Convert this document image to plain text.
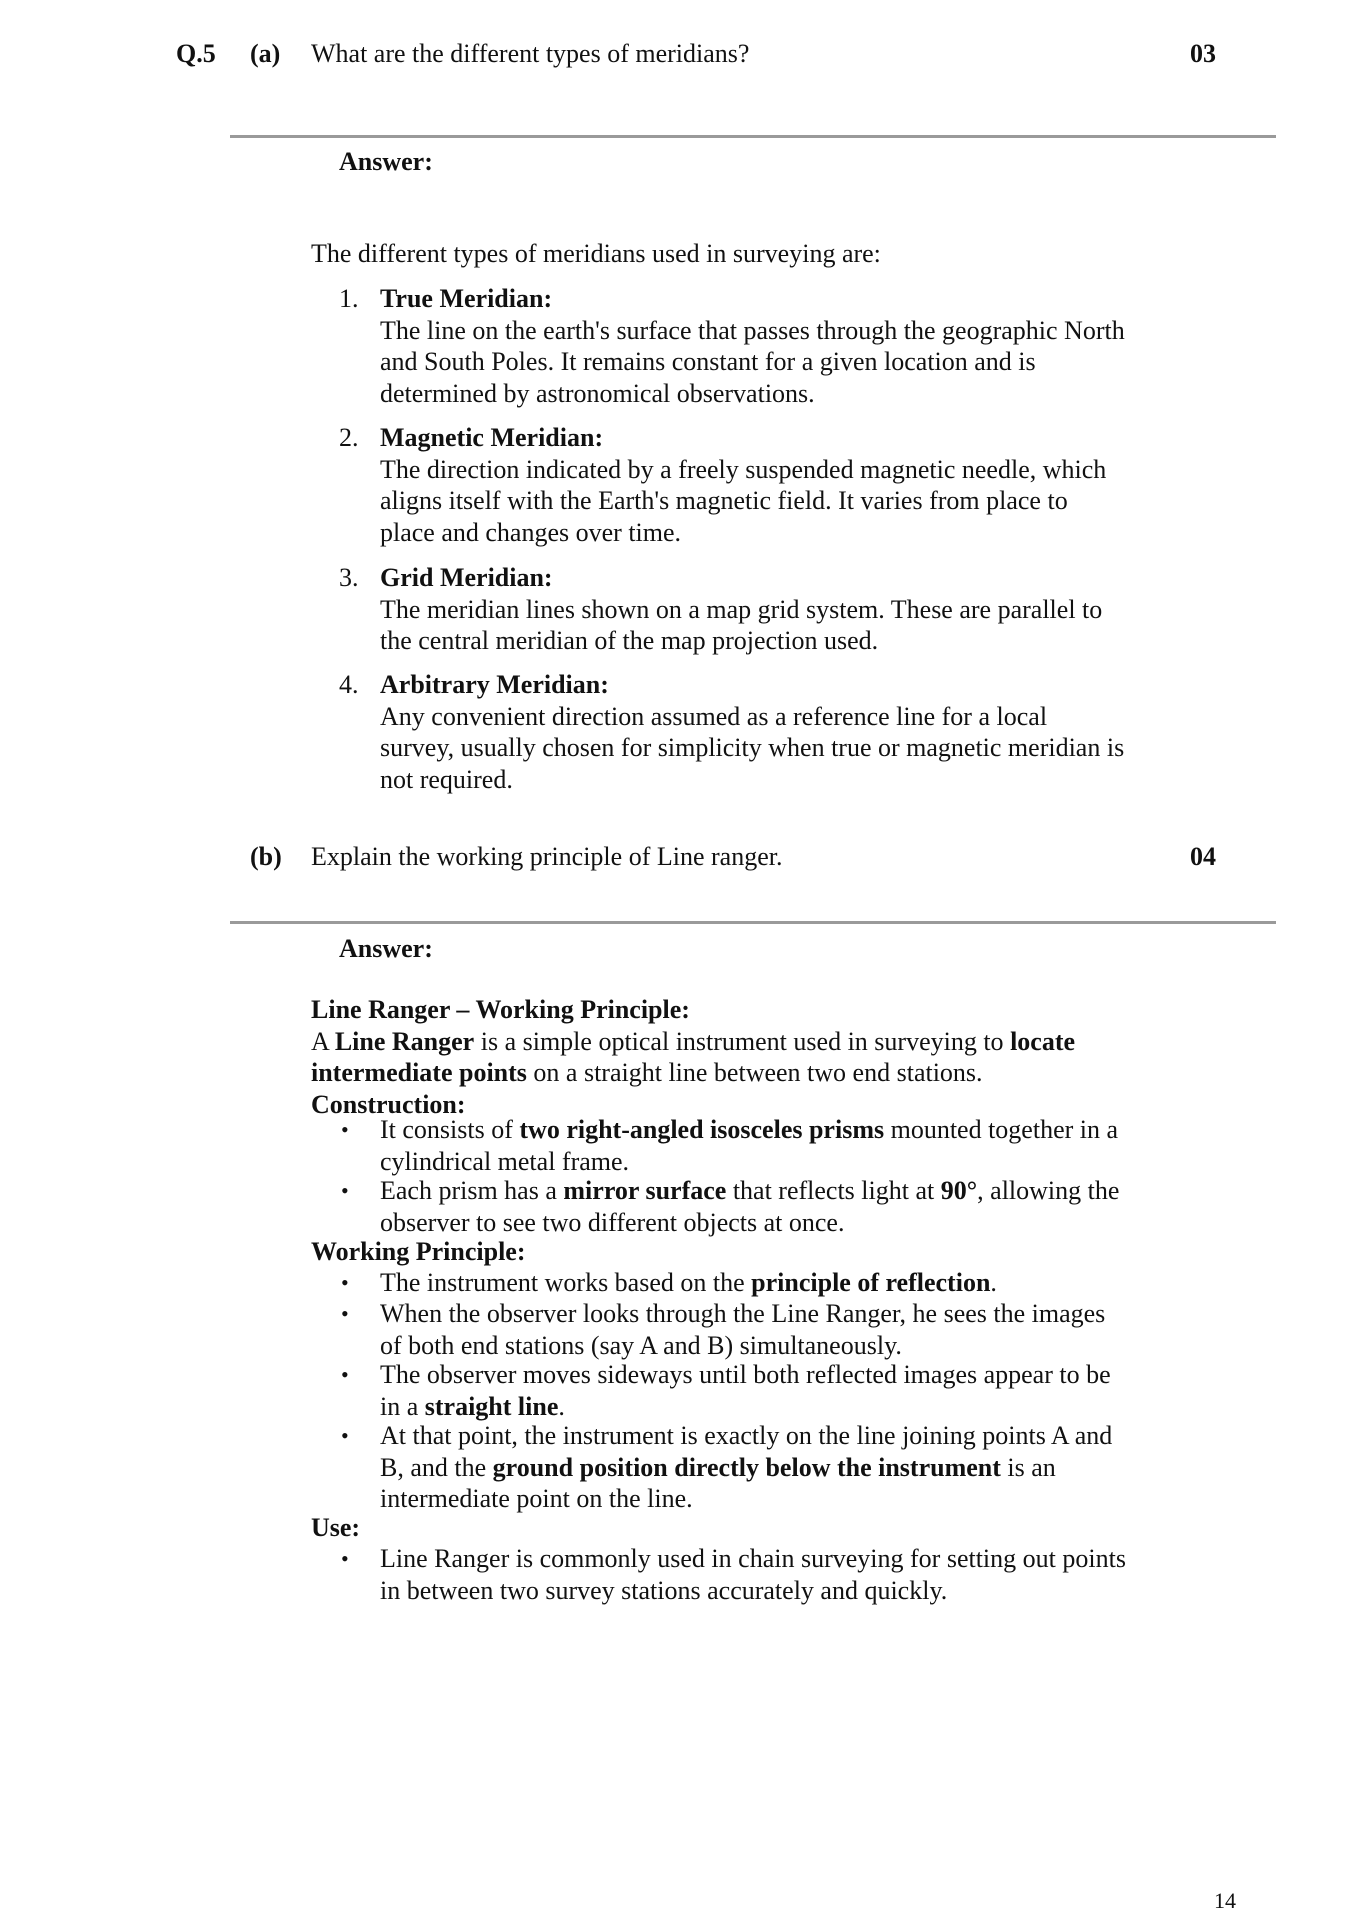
Q.5 (a) What are the different types of meridians?	03
Answer:
The different types of meridians used in surveying are:
1. True Meridian:
The line on the earth's surface that passes through the geographic North
and South Poles. It remains constant for a given location and is
determined by astronomical observations.
2. Magnetic Meridian:
The direction indicated by a freely suspended magnetic needle, which
aligns itself with the Earth's magnetic field. It varies from place to
place and changes over time.
3. Grid Meridian:
The meridian lines shown on a map grid system. These are parallel to
the central meridian of the map projection used.
4. Arbitrary Meridian:
Any convenient direction assumed as a reference line for a local
survey, usually chosen for simplicity when true or magnetic meridian is
not required.
(b) Explain the working principle of Line ranger.	04
Answer:
Line Ranger – Working Principle:
A Line Ranger is a simple optical instrument used in surveying to locate
intermediate points on a straight line between two end stations.
Construction:
• It consists of two right-angled isosceles prisms mounted together in a
cylindrical metal frame.
• Each prism has a mirror surface that reflects light at 90°, allowing the
observer to see two different objects at once.
Working Principle:
• The instrument works based on the principle of reflection.
• When the observer looks through the Line Ranger, he sees the images
of both end stations (say A and B) simultaneously.
• The observer moves sideways until both reflected images appear to be
in a straight line.
• At that point, the instrument is exactly on the line joining points A and
B, and the ground position directly below the instrument is an
intermediate point on the line.
Use:
• Line Ranger is commonly used in chain surveying for setting out points
in between two survey stations accurately and quickly.
14
